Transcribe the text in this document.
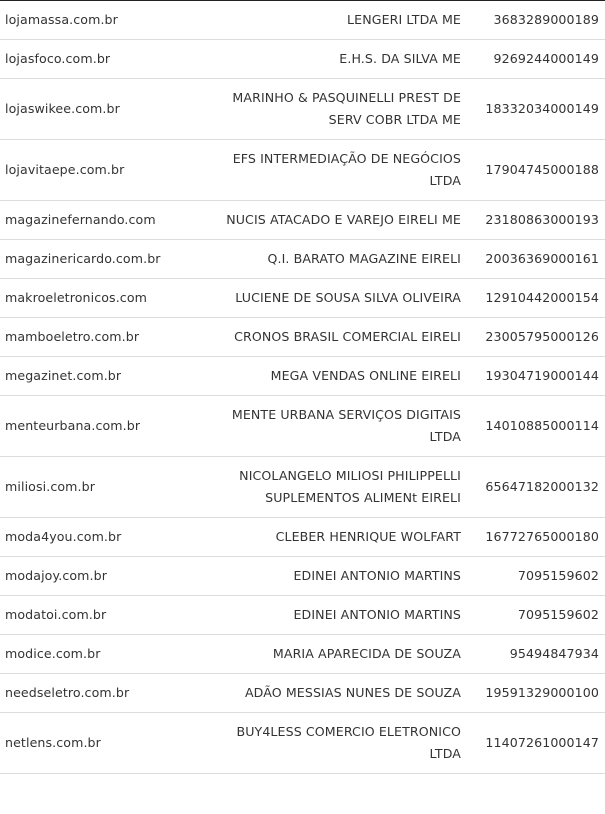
lojamassa.com.br	LENGERI LTDA ME	3683289000189
lojasfoco.com.br	E.H.S. DA SILVA ME	9269244000149
lojaswikee.com.br	MARINHO & PASQUINELLI PREST DE SERV COBR LTDA ME	18332034000149
lojavitaepe.com.br	EFS INTERMEDIAÇÃO DE NEGÓCIOS LTDA	17904745000188
magazinefernando.com	NUCIS ATACADO E VAREJO EIRELI ME	23180863000193
magazinericardo.com.br	Q.I. BARATO MAGAZINE EIRELI	20036369000161
makroeletronicos.com	LUCIENE DE SOUSA SILVA OLIVEIRA	12910442000154
mamboeletro.com.br	CRONOS BRASIL COMERCIAL EIRELI	23005795000126
megazinet.com.br	MEGA VENDAS ONLINE EIRELI	19304719000144
menteurbana.com.br	MENTE URBANA SERVIÇOS DIGITAIS LTDA	14010885000114
miliosi.com.br	NICOLANGELO MILIOSI PHILIPPELLI SUPLEMENTOS ALIMENt EIRELI	65647182000132
moda4you.com.br	CLEBER HENRIQUE WOLFART	16772765000180
modajoy.com.br	EDINEI ANTONIO MARTINS	7095159602
modatoi.com.br	EDINEI ANTONIO MARTINS	7095159602
modice.com.br	MARIA APARECIDA DE SOUZA	95494847934
needseletro.com.br	ADÃO MESSIAS NUNES DE SOUZA	19591329000100
netlens.com.br	BUY4LESS COMERCIO ELETRONICO LTDA	11407261000147
